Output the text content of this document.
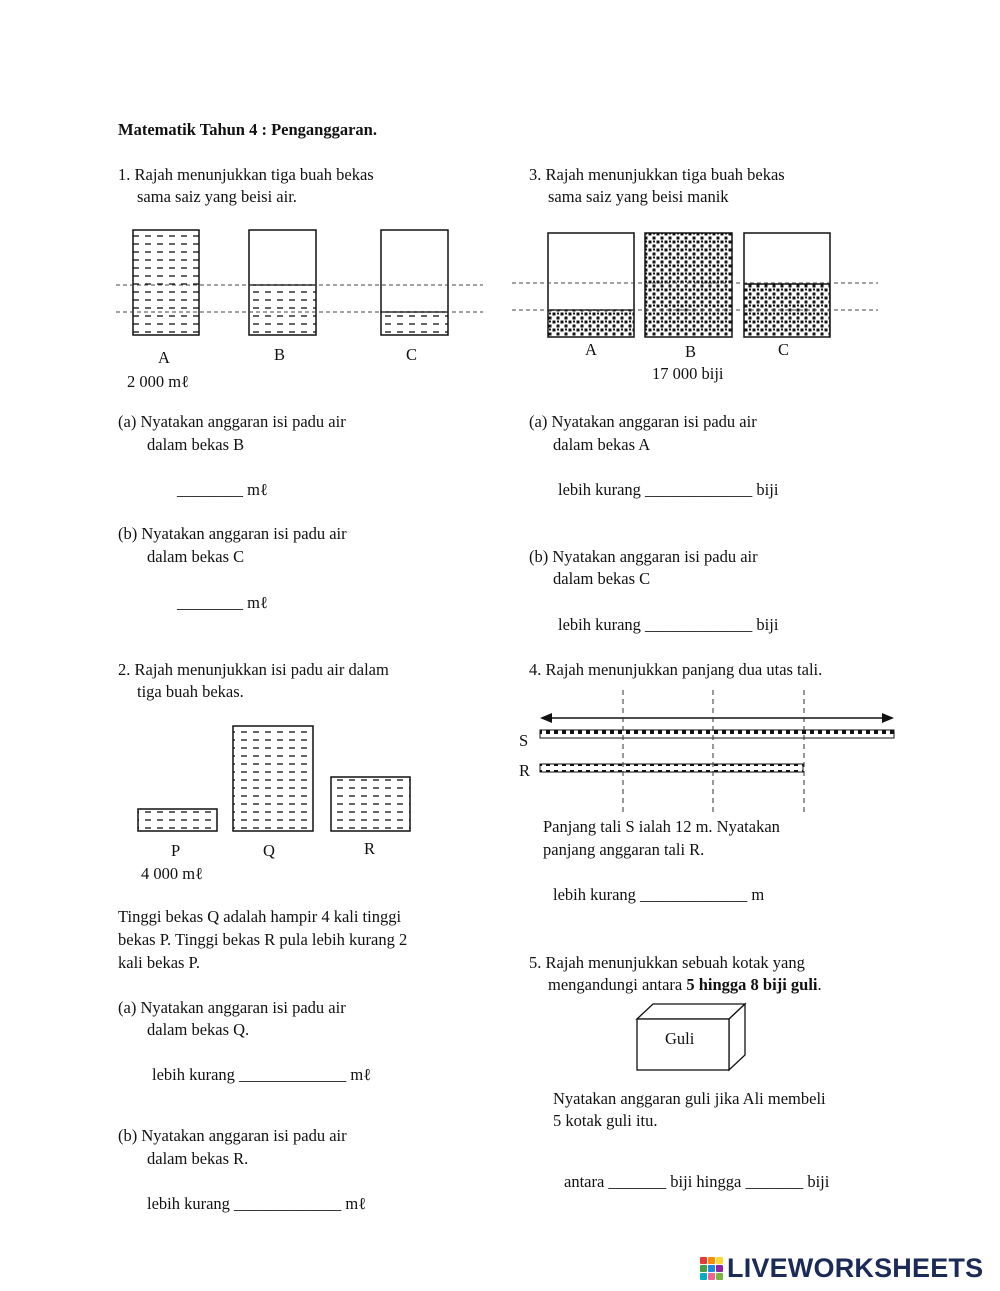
Matematik Tahun 4 : Penganggaran.
1. Rajah menunjukkan tiga buah bekas
sama saiz yang beisi air.
A	B	C
2 000 mℓ
(a) Nyatakan anggaran isi padu air
dalam bekas B
________ mℓ
(b) Nyatakan anggaran isi padu air
dalam bekas C
________ mℓ
2. Rajah menunjukkan isi padu air dalam
tiga buah bekas.
P	Q	R
4 000 mℓ
Tinggi bekas Q adalah hampir 4 kali tinggi
bekas P. Tinggi bekas R pula lebih kurang 2
kali bekas P.
(a) Nyatakan anggaran isi padu air
dalam bekas Q.
lebih kurang _____________ mℓ
(b) Nyatakan anggaran isi padu air
dalam bekas R.
lebih kurang _____________ mℓ
3. Rajah menunjukkan tiga buah bekas
sama saiz yang beisi manik
A	B	C
17 000 biji
(a) Nyatakan anggaran isi padu air
dalam bekas A
lebih kurang _____________ biji
(b) Nyatakan anggaran isi padu air
dalam bekas C
lebih kurang _____________ biji
4. Rajah menunjukkan panjang dua utas tali.
S
R
Panjang tali S ialah 12 m. Nyatakan
panjang anggaran tali R.
lebih kurang _____________ m
5. Rajah menunjukkan sebuah kotak yang
mengandungi antara 5 hingga 8 biji guli.
Guli
Nyatakan anggaran guli jika Ali membeli
5 kotak guli itu.
antara _______ biji hingga _______ biji
LIVEWORKSHEETS
